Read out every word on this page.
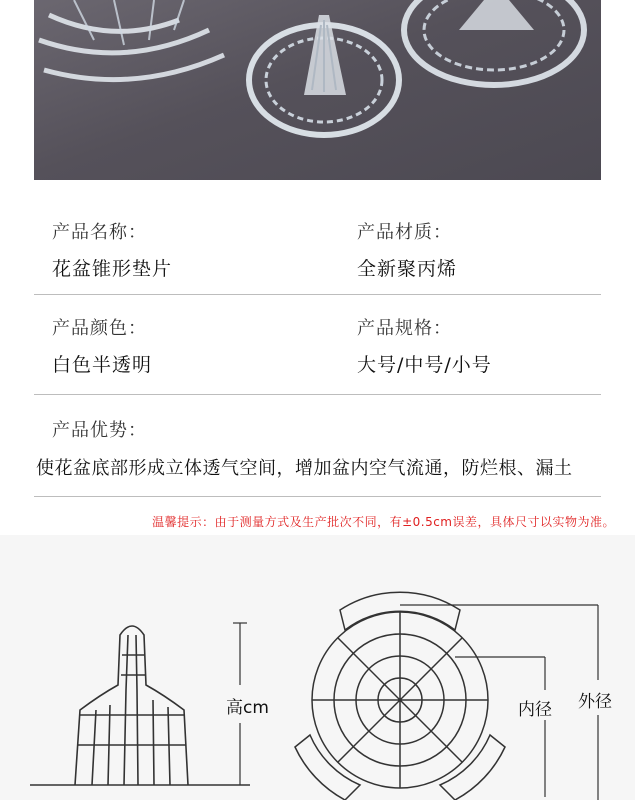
产品名称：
花盆锥形垫片
产品材质：
全新聚丙烯
产品颜色：
白色半透明
产品规格：
大号/中号/小号
产品优势：
使花盆底部形成立体透气空间，增加盆内空气流通，防烂根、漏土
温馨提示：由于测量方式及生产批次不同，有±0.5cm误差，具体尺寸以实物为准。
高cm	内径 外径
